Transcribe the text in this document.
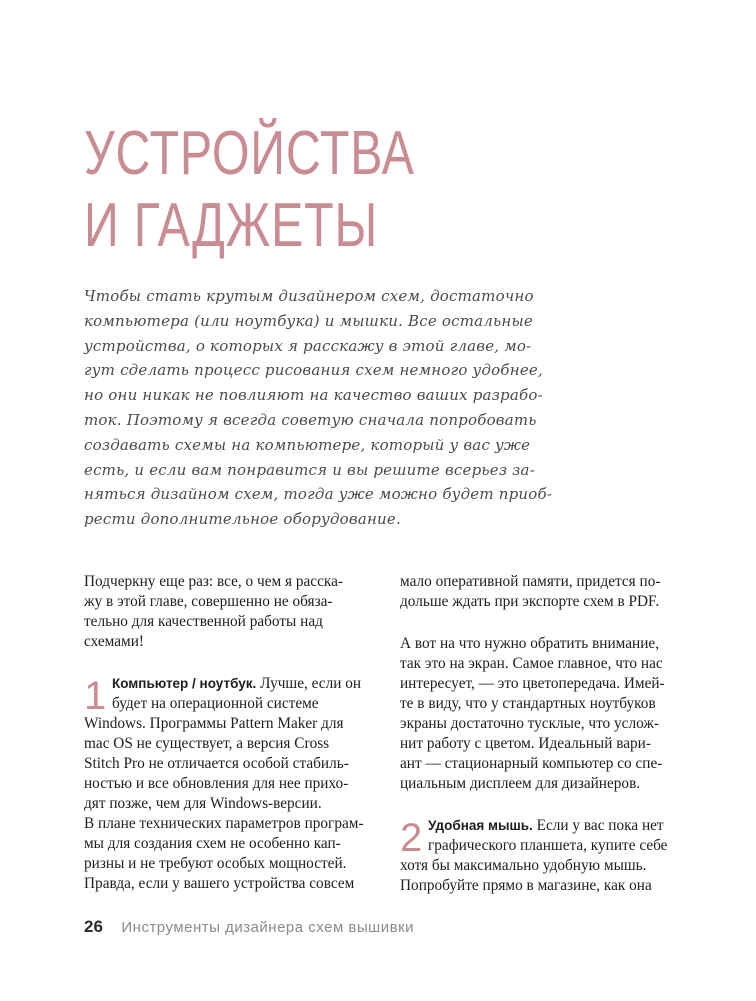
УСТРОЙСТВА
И ГАДЖЕТЫ
Чтобы стать крутым дизайнером схем, достаточно
компьютера (или ноутбука) и мышки. Все остальные
устройства, о которых я расскажу в этой главе, мо-
гут сделать процесс рисования схем немного удобнее,
но они никак не повлияют на качество ваших разрабо-
ток. Поэтому я всегда советую сначала попробовать
создавать схемы на компьютере, который у вас уже
есть, и если вам понравится и вы решите всерьез за-
няться дизайном схем, тогда уже можно будет приоб-
рести дополнительное оборудование.

Подчеркну еще раз: все, о чем я расска-
жу в этой главе, совершенно не обяза-
тельно для качественной работы над
схемами!

1 Компьютер / ноутбук. Лучше, если он
будет на операционной системе
Windows. Программы Pattern Maker для
mac OS не существует, а версия Cross
Stitch Pro не отличается особой стабиль-
ностью и все обновления для нее прихо-
дят позже, чем для Windows-версии.

В плане технических параметров програм-
мы для создания схем не особенно кап-
ризны и не требуют особых мощностей.
Правда, если у вашего устройства совсем

мало оперативной памяти, придется по-
дольше ждать при экспорте схем в PDF.

А вот на что нужно обратить внимание,
так это на экран. Самое главное, что нас
интересует, — это цветопередача. Имей-
те в виду, что у стандартных ноутбуков
экраны достаточно тусклые, что услож-
нит работу с цветом. Идеальный вари-
ант — стационарный компьютер со спе-
циальным дисплеем для дизайнеров.

2 Удобная мышь. Если у вас пока нет
графического планшета, купите себе
хотя бы максимально удобную мышь.
Попробуйте прямо в магазине, как она
26 Инструменты дизайнера схем вышивки
